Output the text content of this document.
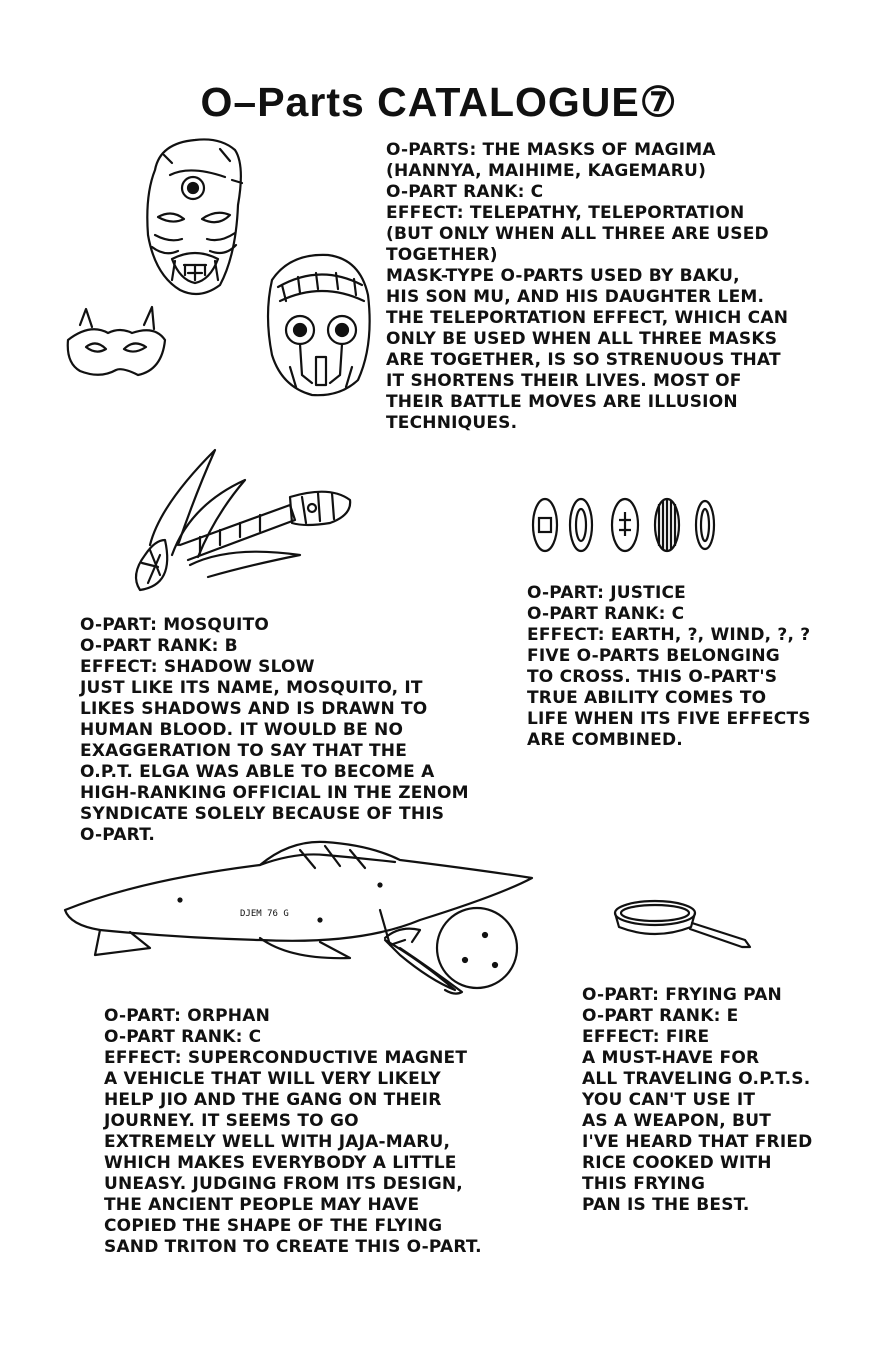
O–Parts CATALOGUE⑦
O-PARTS: THE MASKS OF MAGIMA
(HANNYA, MAIHIME, KAGEMARU)
O-PART RANK: C
EFFECT: TELEPATHY, TELEPORTATION
(BUT ONLY WHEN ALL THREE ARE USED
TOGETHER)
MASK-TYPE O-PARTS USED BY BAKU,
HIS SON MU, AND HIS DAUGHTER LEM.
THE TELEPORTATION EFFECT, WHICH CAN
ONLY BE USED WHEN ALL THREE MASKS
ARE TOGETHER, IS SO STRENUOUS THAT
IT SHORTENS THEIR LIVES. MOST OF
THEIR BATTLE MOVES ARE ILLUSION
TECHNIQUES.
O-PART: JUSTICE
O-PART RANK: C
EFFECT: EARTH, ?, WIND, ?, ?
FIVE O-PARTS BELONGING
TO CROSS. THIS O-PART'S
TRUE ABILITY COMES TO
LIFE WHEN ITS FIVE EFFECTS
ARE COMBINED.
O-PART: MOSQUITO
O-PART RANK: B
EFFECT: SHADOW SLOW
JUST LIKE ITS NAME, MOSQUITO, IT
LIKES SHADOWS AND IS DRAWN TO
HUMAN BLOOD. IT WOULD BE NO
EXAGGERATION TO SAY THAT THE
O.P.T. ELGA WAS ABLE TO BECOME A
HIGH-RANKING OFFICIAL IN THE ZENOM
SYNDICATE SOLELY BECAUSE OF THIS
O-PART.
DJEM 76 G
O-PART: ORPHAN
O-PART RANK: C
EFFECT: SUPERCONDUCTIVE MAGNET
A VEHICLE THAT WILL VERY LIKELY
HELP JIO AND THE GANG ON THEIR
JOURNEY. IT SEEMS TO GO
EXTREMELY WELL WITH JAJA-MARU,
WHICH MAKES EVERYBODY A LITTLE
UNEASY. JUDGING FROM ITS DESIGN,
THE ANCIENT PEOPLE MAY HAVE
COPIED THE SHAPE OF THE FLYING
SAND TRITON TO CREATE THIS O-PART.
O-PART: FRYING PAN
O-PART RANK: E
EFFECT: FIRE
A MUST-HAVE FOR
ALL TRAVELING O.P.T.S.
YOU CAN'T USE IT
AS A WEAPON, BUT
I'VE HEARD THAT FRIED
RICE COOKED WITH
THIS FRYING
PAN IS THE BEST.
